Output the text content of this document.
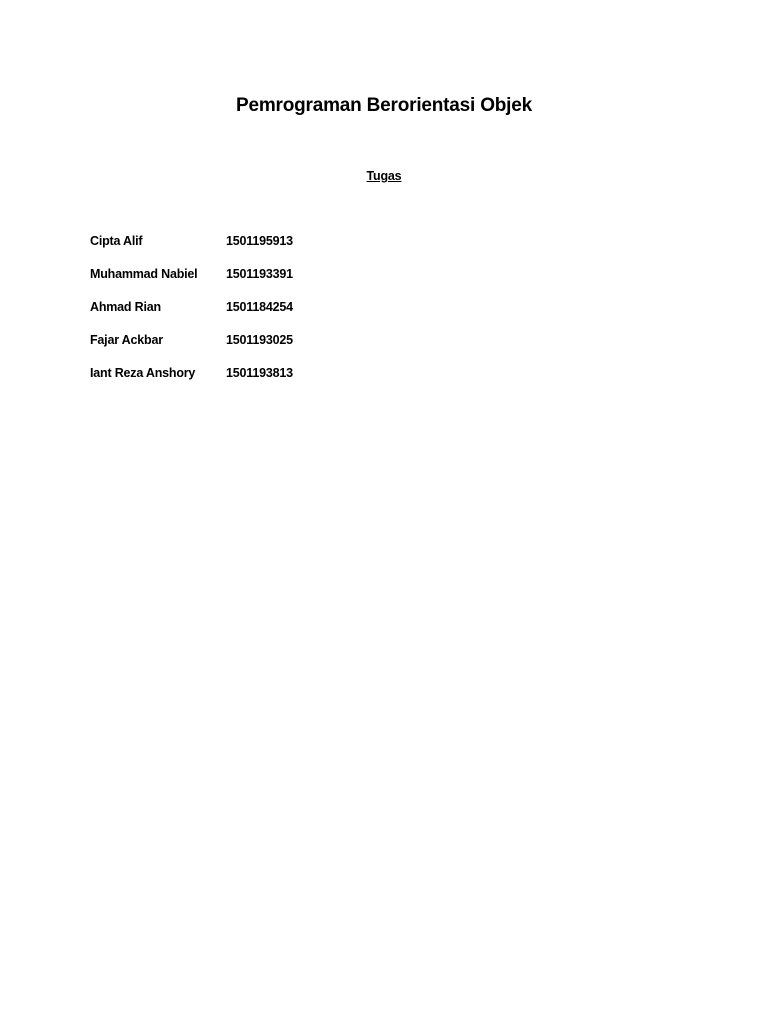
Pemrograman Berorientasi Objek
Tugas
Cipta Alif	1501195913
Muhammad Nabiel 1501193391
Ahmad Rian	1501184254
Fajar Ackbar	1501193025
Iant Reza Anshory 1501193813
